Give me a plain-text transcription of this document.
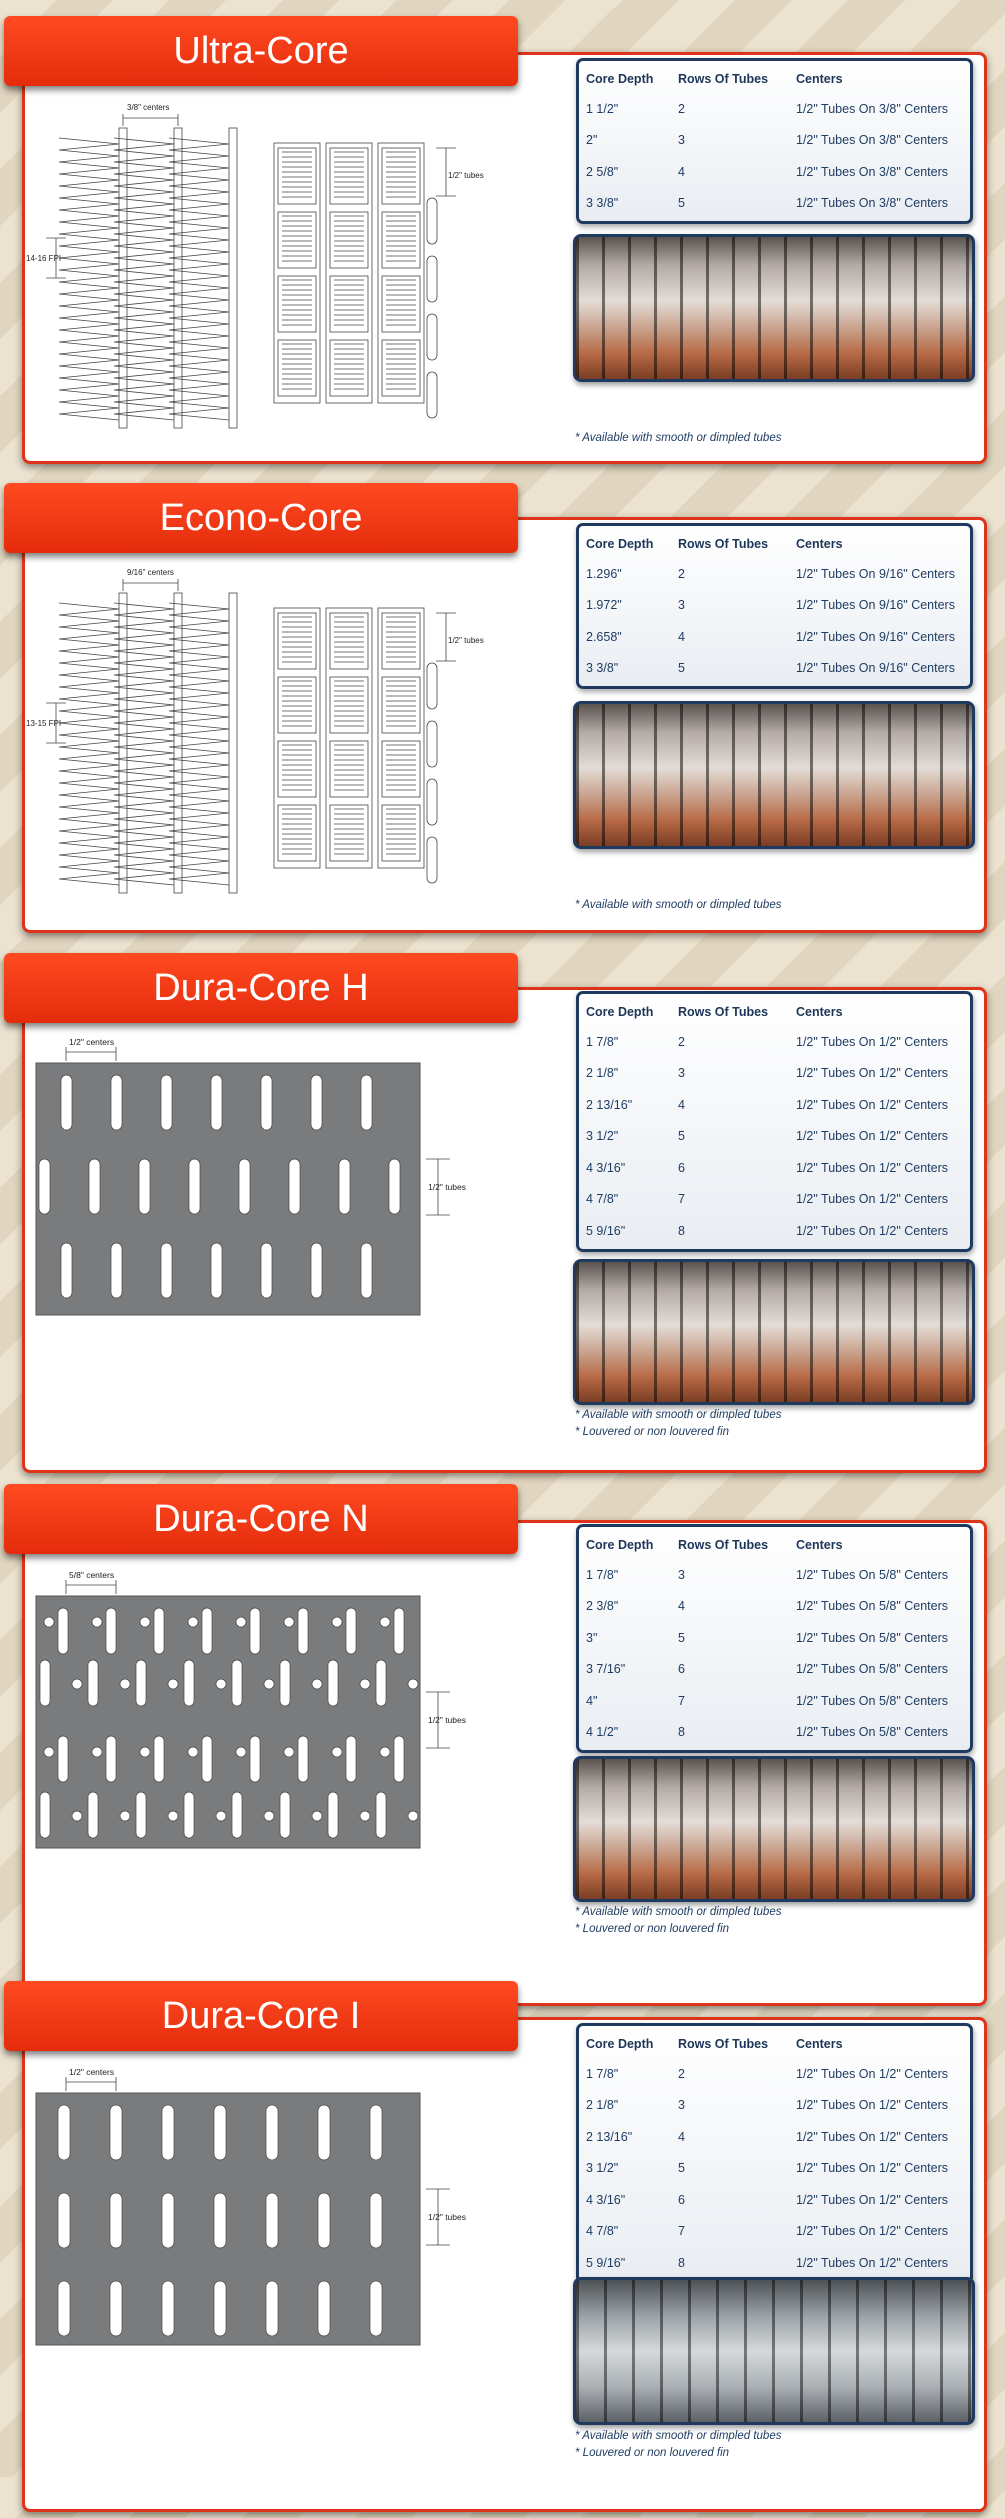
Ultra-Core
3/8" centers
14-16 FPI
1/2" tubes
Core Depth	Rows Of Tubes	Centers
1 1/2"	2	1/2" Tubes On 3/8" Centers
2"	3	1/2" Tubes On 3/8" Centers
2 5/8"	4	1/2" Tubes On 3/8" Centers
3 3/8"	5	1/2" Tubes On 3/8" Centers
* Available with smooth or dimpled tubes
Econo-Core
9/16" centers
13-15 FPI
1/2" tubes
Core Depth	Rows Of Tubes	Centers
1.296"	2	1/2" Tubes On 9/16" Centers
1.972"	3	1/2" Tubes On 9/16" Centers
2.658"	4	1/2" Tubes On 9/16" Centers
3 3/8"	5	1/2" Tubes On 9/16" Centers
* Available with smooth or dimpled tubes
Dura-Core H
1/2" centers
1/2" tubes
Core Depth	Rows Of Tubes	Centers
1 7/8"	2	1/2" Tubes On 1/2" Centers
2 1/8"	3	1/2" Tubes On 1/2" Centers
2 13/16"	4	1/2" Tubes On 1/2" Centers
3 1/2"	5	1/2" Tubes On 1/2" Centers
4 3/16"	6	1/2" Tubes On 1/2" Centers
4 7/8"	7	1/2" Tubes On 1/2" Centers
5 9/16"	8	1/2" Tubes On 1/2" Centers
* Available with smooth or dimpled tubes
* Louvered or non louvered fin
Dura-Core N
5/8" centers
1/2" tubes
Core Depth	Rows Of Tubes	Centers
1 7/8"	3	1/2" Tubes On 5/8" Centers
2 3/8"	4	1/2" Tubes On 5/8" Centers
3"	5	1/2" Tubes On 5/8" Centers
3 7/16"	6	1/2" Tubes On 5/8" Centers
4"	7	1/2" Tubes On 5/8" Centers
4 1/2"	8	1/2" Tubes On 5/8" Centers
* Available with smooth or dimpled tubes
* Louvered or non louvered fin
Dura-Core I
1/2" centers
1/2" tubes
Core Depth	Rows Of Tubes	Centers
1 7/8"	2	1/2" Tubes On 1/2" Centers
2 1/8"	3	1/2" Tubes On 1/2" Centers
2 13/16"	4	1/2" Tubes On 1/2" Centers
3 1/2"	5	1/2" Tubes On 1/2" Centers
4 3/16"	6	1/2" Tubes On 1/2" Centers
4 7/8"	7	1/2" Tubes On 1/2" Centers
5 9/16"	8	1/2" Tubes On 1/2" Centers
* Available with smooth or dimpled tubes
* Louvered or non louvered fin
